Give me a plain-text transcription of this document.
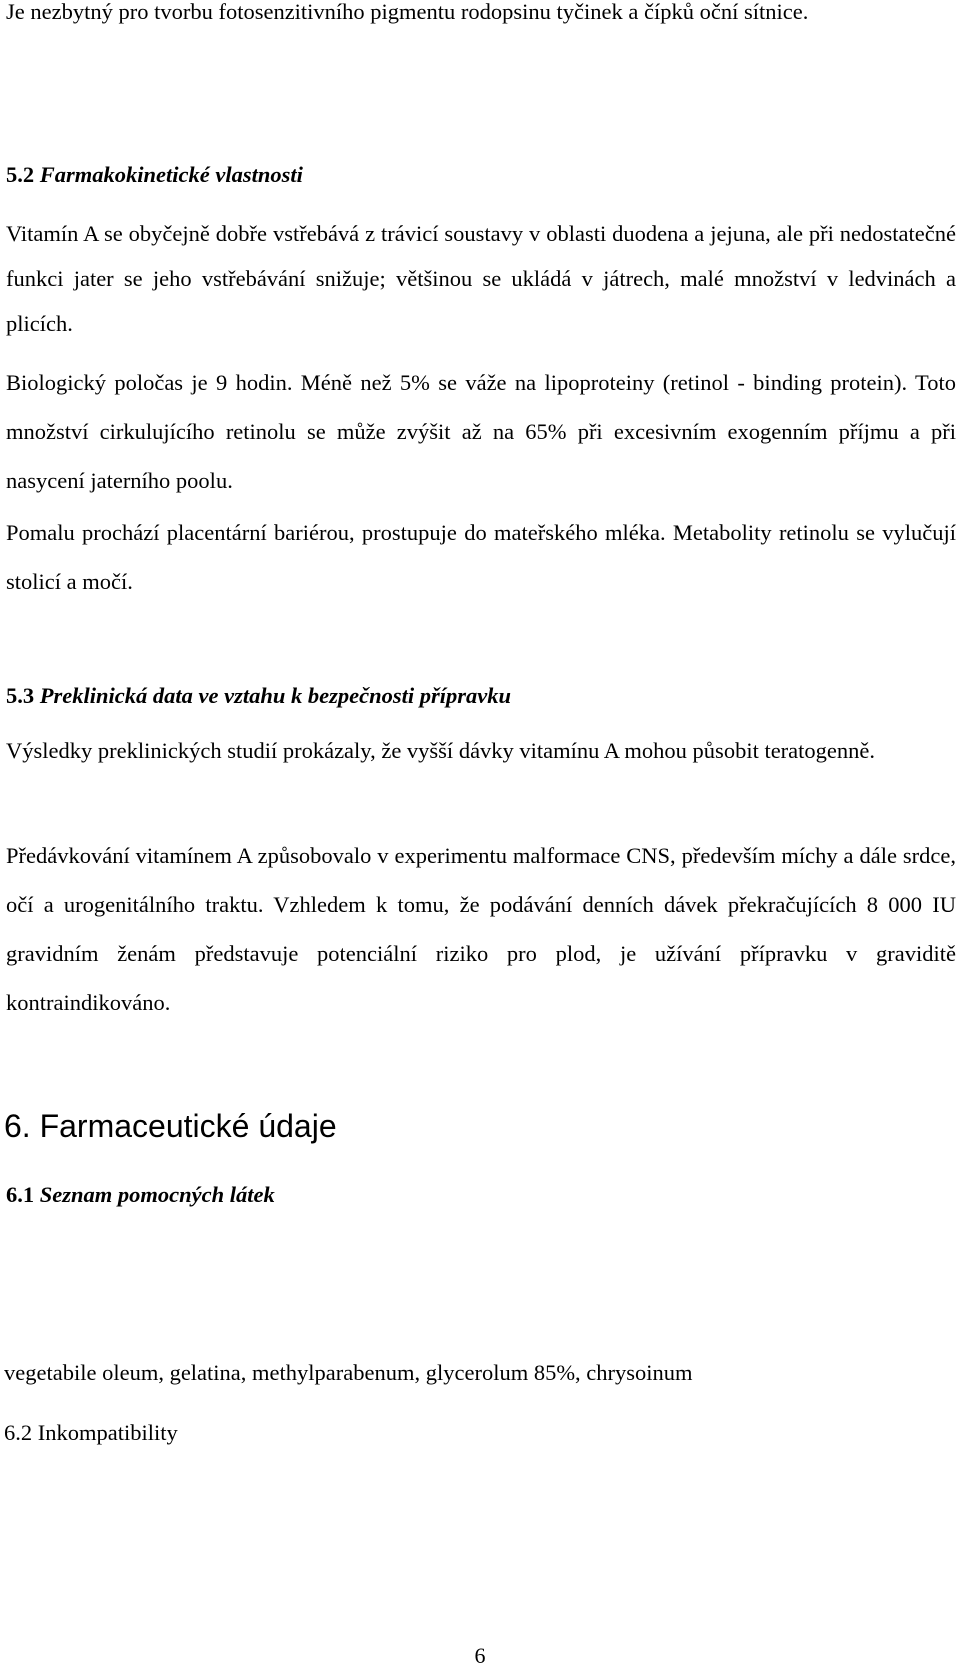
Je nezbytný pro tvorbu fotosenzitivního pigmentu rodopsinu tyčinek a čípků oční sítnice.

5.2 Farmakokinetické vlastnosti

Vitamín A se obyčejně dobře vstřebává z trávicí soustavy v oblasti duodena a jejuna, ale při nedostatečné funkci jater se jeho vstřebávání snižuje; většinou se ukládá v játrech, malé množství v ledvinách a plicích.

Biologický poločas je 9 hodin. Méně než 5% se váže na lipoproteiny (retinol - binding protein). Toto množství cirkulujícího retinolu se může zvýšit až na 65% při excesivním exogenním příjmu a při nasycení jaterního poolu.

Pomalu prochází placentární bariérou, prostupuje do mateřského mléka. Metabolity retinolu se vylučují stolicí a močí.

5.3 Preklinická data ve vztahu k bezpečnosti přípravku

Výsledky preklinických studií prokázaly, že vyšší dávky vitamínu A mohou působit teratogenně.

Předávkování vitamínem A způsobovalo v experimentu malformace CNS, především míchy a dále srdce, očí a urogenitálního traktu. Vzhledem k tomu, že podávání denních dávek překračujících 8 000 IU gravidním ženám představuje potenciální riziko pro plod, je užívání přípravku v graviditě kontraindikováno.

6. Farmaceutické údaje
6.1 Seznam pomocných látek

vegetabile oleum, gelatina, methylparabenum, glycerolum 85%, chrysoinum

6.2 Inkompatibility

6
